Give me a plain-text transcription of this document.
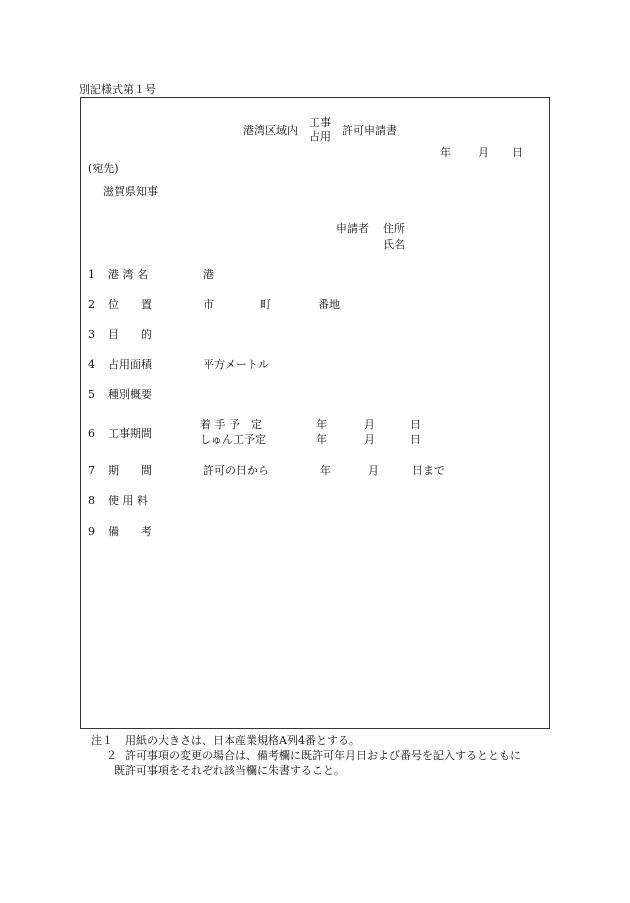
別記様式第１号
港湾区域内
工事
占用 許可申請書
年 月 日
(宛先)
滋賀県知事
申請者 住所
氏名
1 港 湾 名	港
2 位　　置	市	町	番地
3 目　　的
4 占用面積	平方メートル
5 種別概要
6 工事期間
着 手 予　定	年	月	日
しゅん工予定	年	月	日
7 期　　間	許可の日から	年	月	日まで
8 使 用 料
9 備　　考
注１ 用紙の大きさは、日本産業規格A列4番とする。
２ 許可事項の変更の場合は、備考欄に既許可年月日および番号を記入するとともに
既許可事項をそれぞれ該当欄に朱書すること。
